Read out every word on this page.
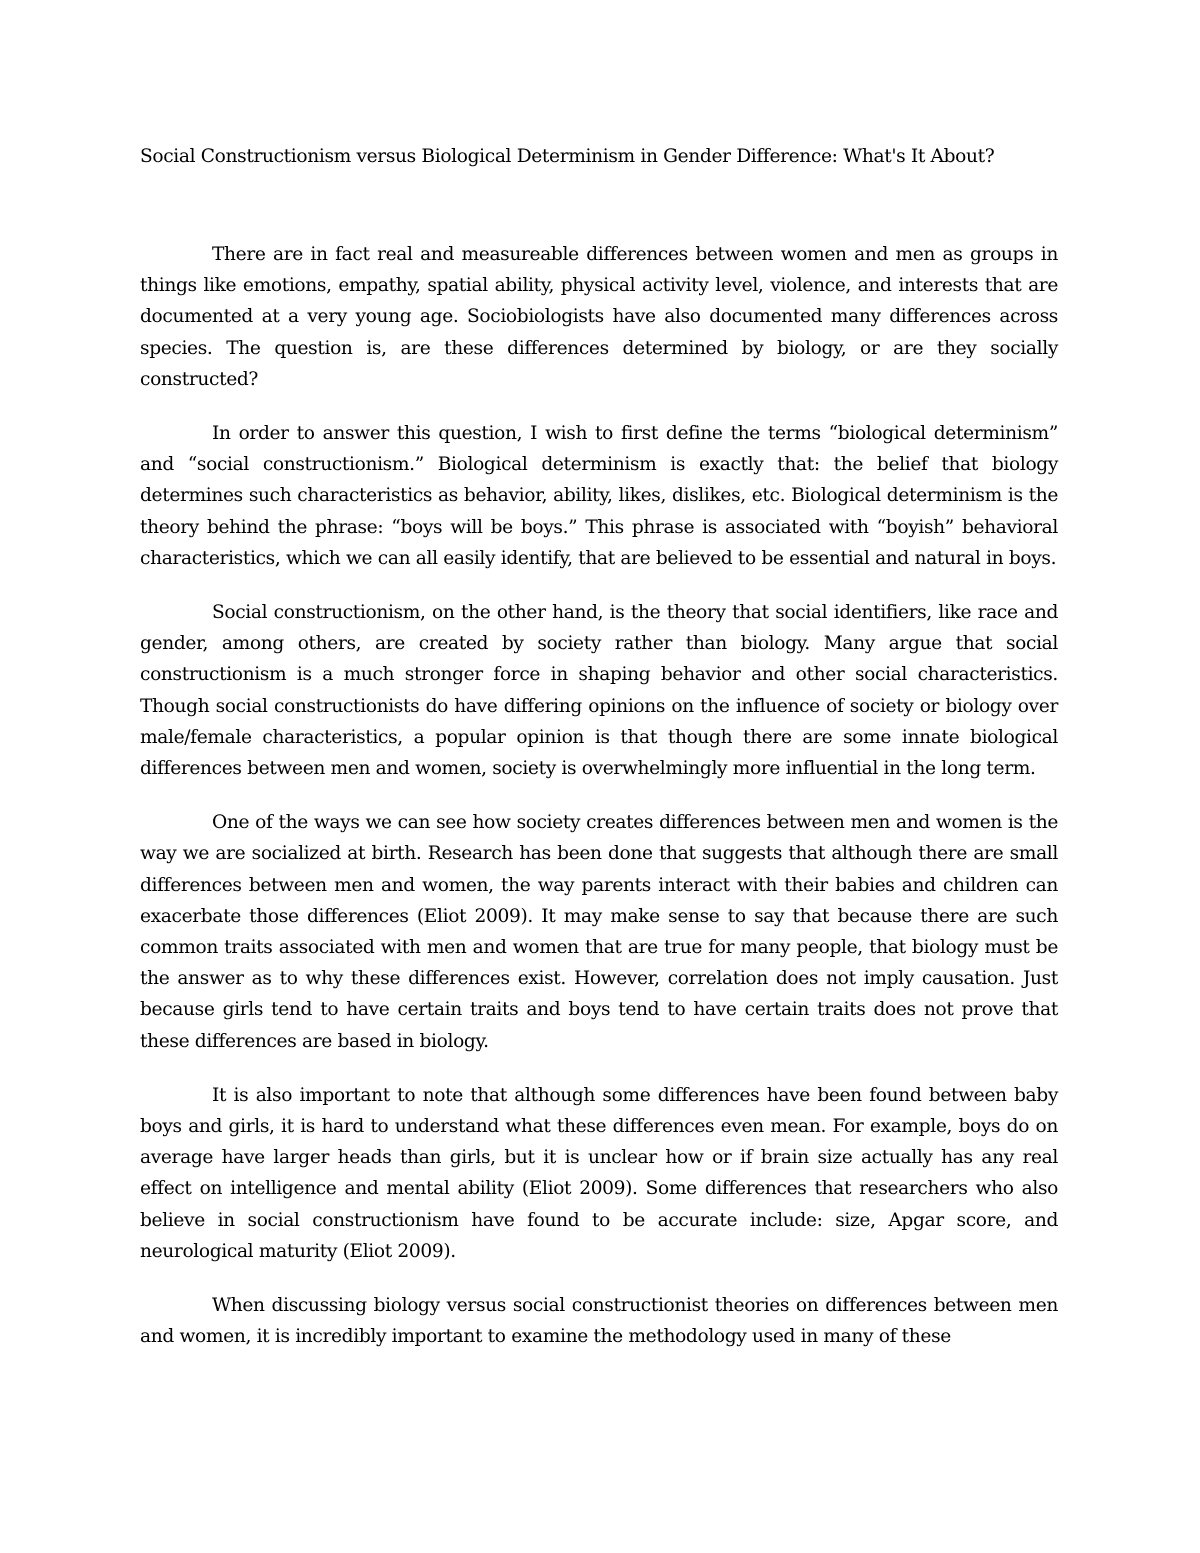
Social Constructionism versus Biological Determinism in Gender Difference: What's It About?

There are in fact real and measureable differences between women and men as groups in things like emotions, empathy, spatial ability, physical activity level, violence, and interests that are documented at a very young age. Sociobiologists have also documented many differences across species. The question is, are these differences determined by biology, or are they socially constructed?

In order to answer this question, I wish to first define the terms “biological determinism” and “social constructionism.” Biological determinism is exactly that: the belief that biology determines such characteristics as behavior, ability, likes, dislikes, etc. Biological determinism is the theory behind the phrase: “boys will be boys.” This phrase is associated with “boyish” behavioral characteristics, which we can all easily identify, that are believed to be essential and natural in boys.

Social constructionism, on the other hand, is the theory that social identifiers, like race and gender, among others, are created by society rather than biology. Many argue that social constructionism is a much stronger force in shaping behavior and other social characteristics. Though social constructionists do have differing opinions on the influence of society or biology over male/female characteristics, a popular opinion is that though there are some innate biological differences between men and women, society is overwhelmingly more influential in the long term.

One of the ways we can see how society creates differences between men and women is the way we are socialized at birth. Research has been done that suggests that although there are small differences between men and women, the way parents interact with their babies and children can exacerbate those differences (Eliot 2009). It may make sense to say that because there are such common traits associated with men and women that are true for many people, that biology must be the answer as to why these differences exist. However, correlation does not imply causation. Just because girls tend to have certain traits and boys tend to have certain traits does not prove that these differences are based in biology.

It is also important to note that although some differences have been found between baby boys and girls, it is hard to understand what these differences even mean. For example, boys do on average have larger heads than girls, but it is unclear how or if brain size actually has any real effect on intelligence and mental ability (Eliot 2009). Some differences that researchers who also believe in social constructionism have found to be accurate include: size, Apgar score, and neurological maturity (Eliot 2009).

When discussing biology versus social constructionist theories on differences between men and women, it is incredibly important to examine the methodology used in many of these
